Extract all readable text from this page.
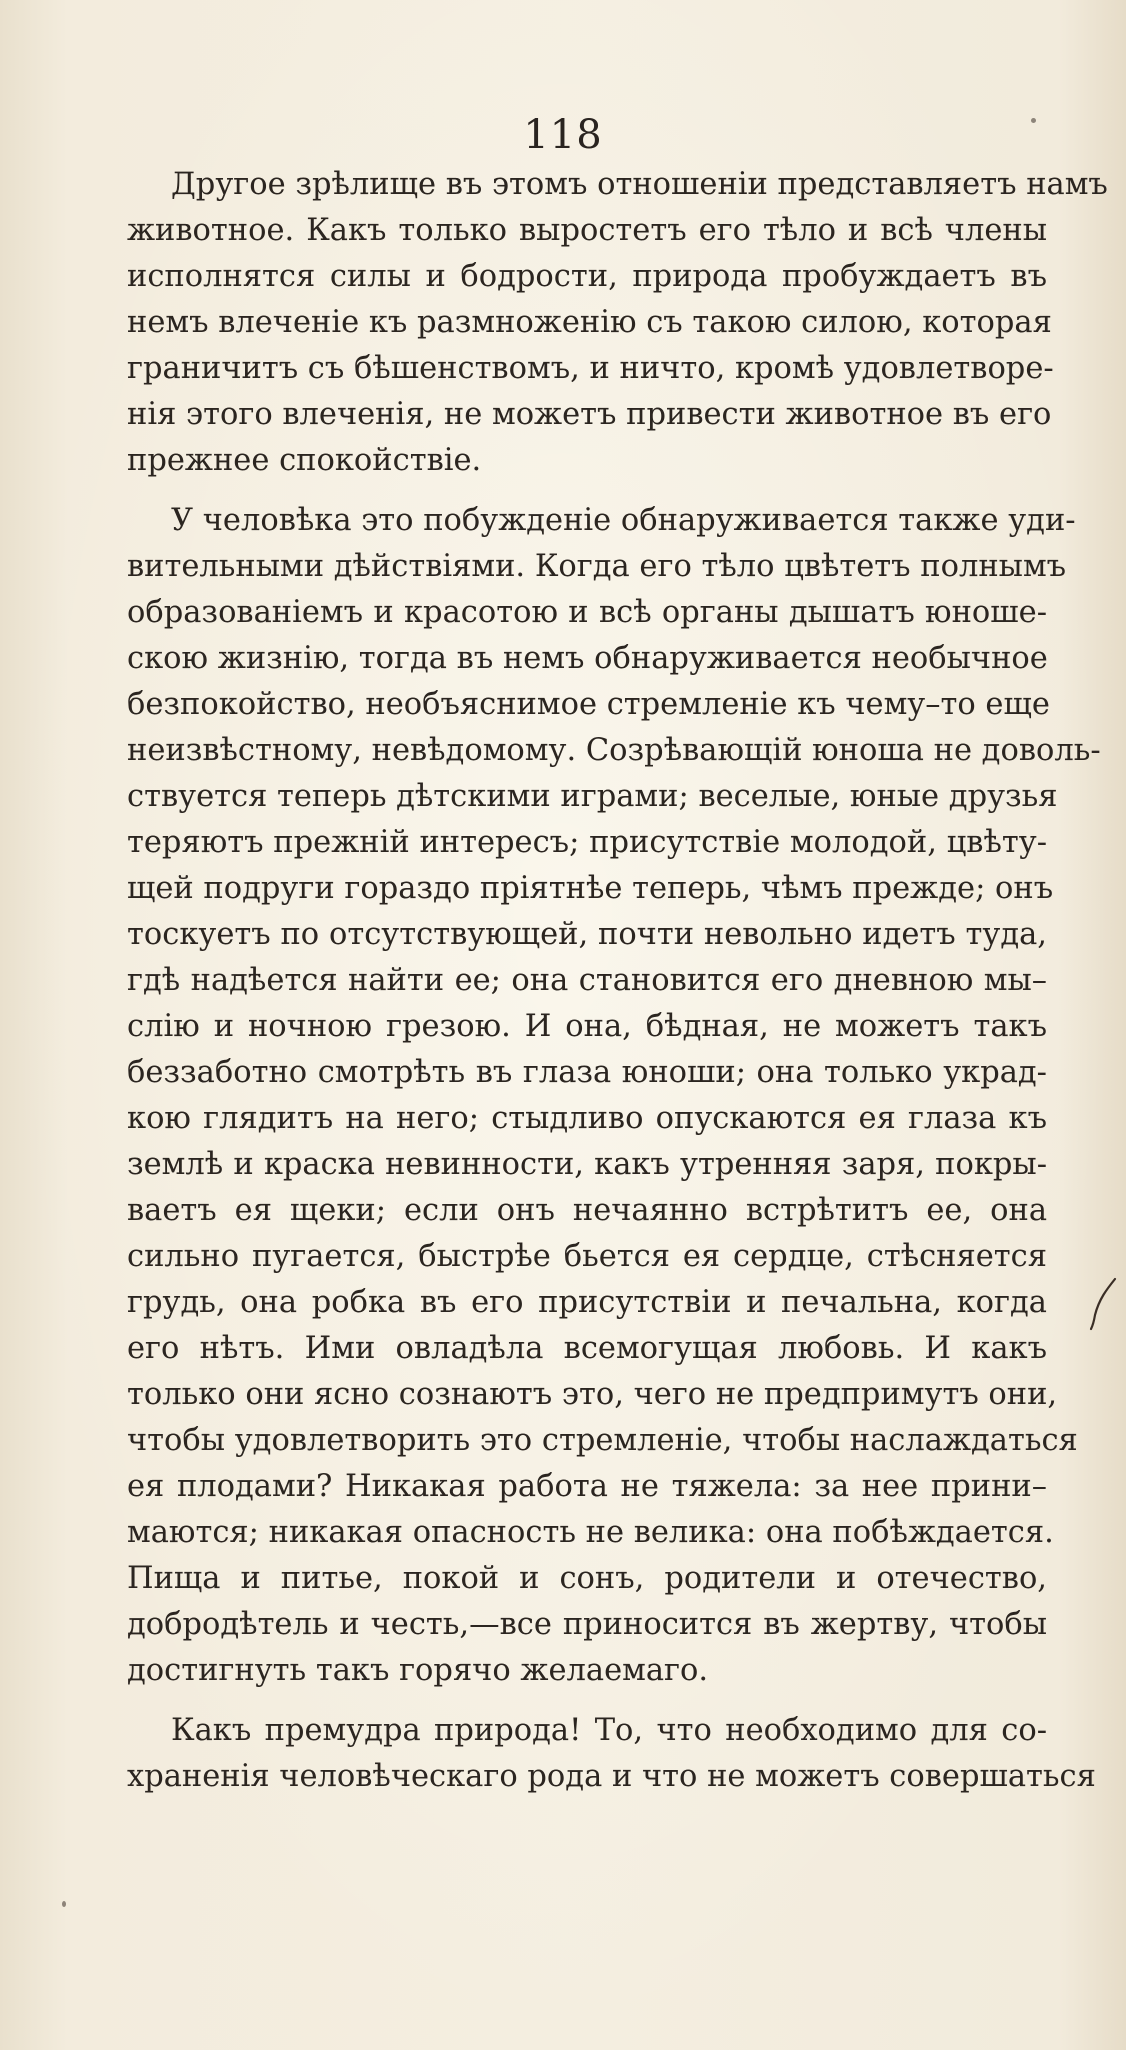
118

Другое зрѣлище въ этомъ отношеніи представляетъ намъ
животное. Какъ только выростетъ его тѣло и всѣ члены
исполнятся силы и бодрости, природа пробуждаетъ въ
немъ влеченіе къ размноженію съ такою силою, которая
граничитъ съ бѣшенствомъ, и ничто, кромѣ удовлетворе-
нія этого влеченія, не можетъ привести животное въ его
прежнее спокойствіе.

У человѣка это побужденіе обнаруживается также уди-
вительными дѣйствіями. Когда его тѣло цвѣтетъ полнымъ
образованіемъ и красотою и всѣ органы дышатъ юноше-
скою жизнію, тогда въ немъ обнаруживается необычное
безпокойство, необъяснимое стремленіе къ чему–то еще
неизвѣстному, невѣдомому. Созрѣвающій юноша не доволь-
ствуется теперь дѣтскими играми; веселые, юные друзья
теряютъ прежній интересъ; присутствіе молодой, цвѣту-
щей подруги гораздо пріятнѣе теперь, чѣмъ прежде; онъ
тоскуетъ по отсутствующей, почти невольно идетъ туда,
гдѣ надѣется найти ее; она становится его дневною мы–
слію и ночною грезою. И она, бѣдная, не можетъ такъ
беззаботно смотрѣть въ глаза юноши; она только украд-
кою глядитъ на него; стыдливо опускаются ея глаза къ
землѣ и краска невинности, какъ утренняя заря, покры-
ваетъ ея щеки; если онъ нечаянно встрѣтитъ ее, она
сильно пугается, быстрѣе бьется ея сердце, стѣсняется
грудь, она робка въ его присутствіи и печальна, когда
его нѣтъ. Ими овладѣла всемогущая любовь. И какъ
только они ясно сознаютъ это, чего не предпримутъ они,
чтобы удовлетворить это стремленіе, чтобы наслаждаться
ея плодами? Никакая работа не тяжела: за нее прини–
маются; никакая опасность не велика: она побѣждается.
Пища и питье, покой и сонъ, родители и отечество,
добродѣтель и честь,—все приносится въ жертву, чтобы
достигнуть такъ горячо желаемаго.

Какъ премудра природа! То, что необходимо для со-
храненія человѣческаго рода и что не можетъ совершаться
